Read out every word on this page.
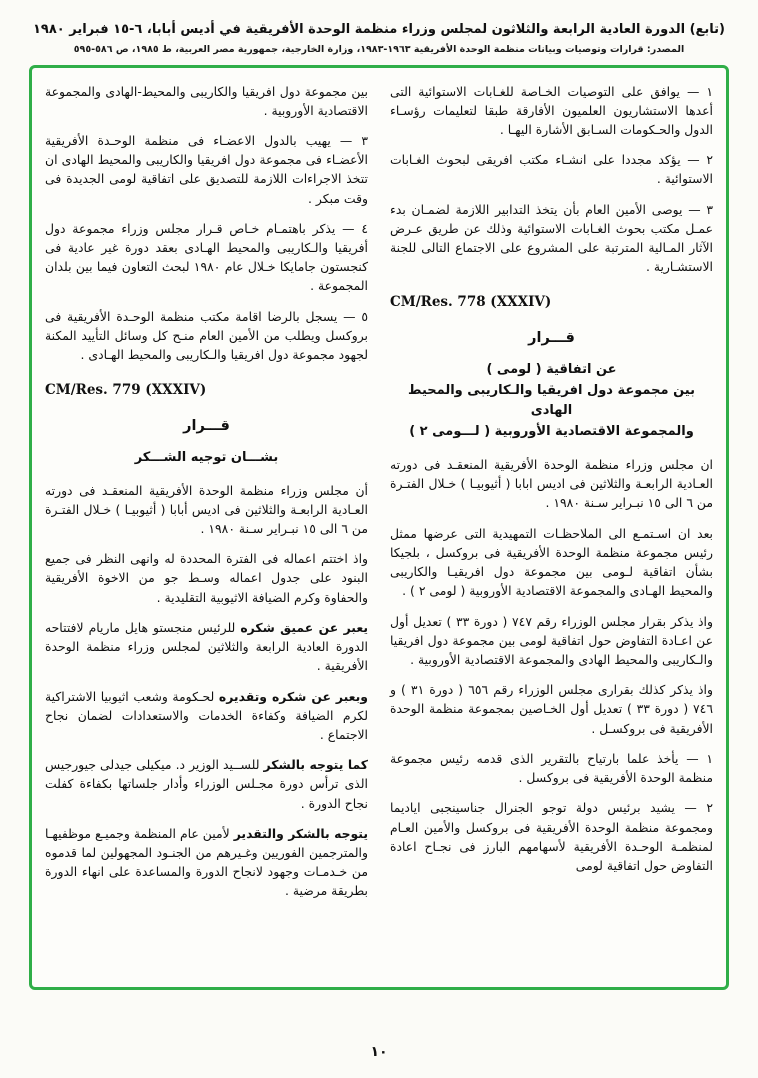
(تابع) الدورة العادية الرابعة والثلاثون لمجلس وزراء منظمة الوحدة الأفريقية في أديس أبابا، ٦-١٥ فبراير ١٩٨٠
المصدر: قرارات وتوصيات وبيانات منظمة الوحدة الأفريقية ١٩٦٣-١٩٨٣، وزارة الخارجية، جمهورية مصر العربية، ط ١٩٨٥، ص ٥٨٦-٥٩٥
١ — يوافق على التوصيات الخـاصة للغـابات الاستوائية التى أعدها الاستشاريون العلميون الأفارقة طبقا لتعليمات رؤسـاء الدول والحـكومات السـابق الأشارة اليهـا .
٢ — يؤكد مجددا على انشـاء مكتب افريقى لبحوث الغـابات الاستوائية .
٣ — يوصى الأمين العام بأن يتخذ التدابير اللازمة لضمـان بدء عمـل مكتب بحوث الغـابات الاستوائية وذلك عن طريق عـرض الآثار المـالية المترتبة على المشروع على الاجتماع التالى للجنة الاستشـارية .
CM/Res. 778 (XXXIV)
قـــرار
عن اتفاقية ( لومى )
بين مجموعة دول افريقيا والـكاريبى والمحيط الهادى
والمجموعة الاقتصادية الأوروبية ( لـــومى ٢ )
ان مجلس وزراء منظمة الوحدة الأفريقية المنعقـد فى دورته العـادية الرابعـة والثلاثين فى اديس ابابا ( أثيوبيـا ) خـلال الفتـرة من ٦ الى ١٥ نبـراير سـنة ١٩٨٠ .
بعد ان اسـتمـع الى الملاحظـات التمهيدية التى عرضها ممثل رئيس مجموعة منظمة الوحدة الأفريقية فى بروكسل ، بلجيكا بشأن اتفاقية لـومى بين مجموعة دول افريقيـا والكاريبى والمحيط الهـادى والمجموعة الاقتصادية الأوروبية ( لومى ٢ ) .
واذ يذكر بقرار مجلس الوزراء رقم ٧٤٧ ( دورة ٣٣ ) تعديل أول عن اعـادة التفاوض حول اتفاقية لومى بين مجموعة دول افريقيا والـكاريبى والمحيط الهادى والمجموعة الاقتصادية الأوروبية .
واذ يذكر كذلك بقرارى مجلس الوزراء رقم ٦٥٦ ( دورة ٣١ ) و ٧٤٦ ( دورة ٣٣ ) تعديل أول الخـاصين بمجموعة منظمة الوحدة الأفريقية فى بروكسـل .
١ — يأخذ علما بارتياح بالتقرير الذى قدمه رئيس مجموعة منظمة الوحدة الأفريقية فى بروكسل .
٢ — يشيد برئيس دولة توجو الجنرال جناسينجبى اياديما ومجموعة منظمة الوحدة الأفريقية فى بروكسل والأمين العـام لمنظمـة الوحـدة الأفريقية لأسهامهم البارز فى نجـاح اعادة التفاوض حول اتفاقية لومى
بين مجموعة دول افريقيا والكاريبى والمحيط-الهادى والمجموعة الاقتصادية الأوروبية .
٣ — يهيب بالدول الاعضـاء فى منظمة الوحـدة الأفريقية الأعضـاء فى مجموعة دول افريقيا والكاريبى والمحيط الهادى ان تتخذ الاجراءات اللازمة للتصديق على اتفاقية لومى الجديدة فى وقت مبكر .
٤ — يذكر باهتمـام خـاص قـرار مجلس وزراء مجموعة دول أفريقيا والـكاريبى والمحيط الهـادى بعقد دورة غير عادية فى كنجستون جامايكا خـلال عام ١٩٨٠ لبحث التعاون فيما بين بلدان المجموعة .
٥ — يسجل بالرضا اقامة مكتب منظمة الوحـدة الأفريقية فى بروكسل ويطلب من الأمين العام منـح كل وسائل التأييد المكنة لجهود مجموعة دول افريقيا والـكاريبى والمحيط الهـادى .
CM/Res. 779 (XXXIV)
قـــرار
بشـــان توجيه الشـــكر
أن مجلس وزراء منظمة الوحدة الأفريقية المنعقـد فى دورته العـادية الرابعـة والثلاثين فى اديس أبابا ( أثيوبيـا ) خـلال الفتـرة من ٦ الى ١٥ نبـراير سـنة ١٩٨٠ .
واذ اختتم اعماله فى الفترة المحددة له وانهى النظر فى جميع البنود على جدول اعماله وسـط جو من الاخوة الأفريقية والحفاوة وكرم الضيافة الاثيوبية التقليدية .
يعبر عن عميق شكره للرئيس منجستو هايل ماريام لافتتاحه الدورة العادية الرابعة والثلاثين لمجلس وزراء منظمة الوحدة الأفريقية .
وبعبر عن شكره وتقديره لحـكومة وشعب اثيوبيا الاشتراكية لكرم الضيافة وكفاءة الخدمات والاستعدادات لضمان نجاح الاجتماع .
كما يتوجه بالشكر للســيد الوزير د. ميكيلى جيدلى جيورجيس الذى ترأس دورة مجـلس الوزراء وأدار جلساتها بكفاءة كفلت نجاح الدورة .
يتوجه بالشكر والتقدير لأمين عام المنظمة وجميـع موظفيهـا والمترجمين الفوريين وغـيرهم من الجنـود المجهولين لما قدموه من خـدمـات وجهود لانجاح الدورة والمساعدة على انهاء الدورة بطريقة مرضية .
١٠
